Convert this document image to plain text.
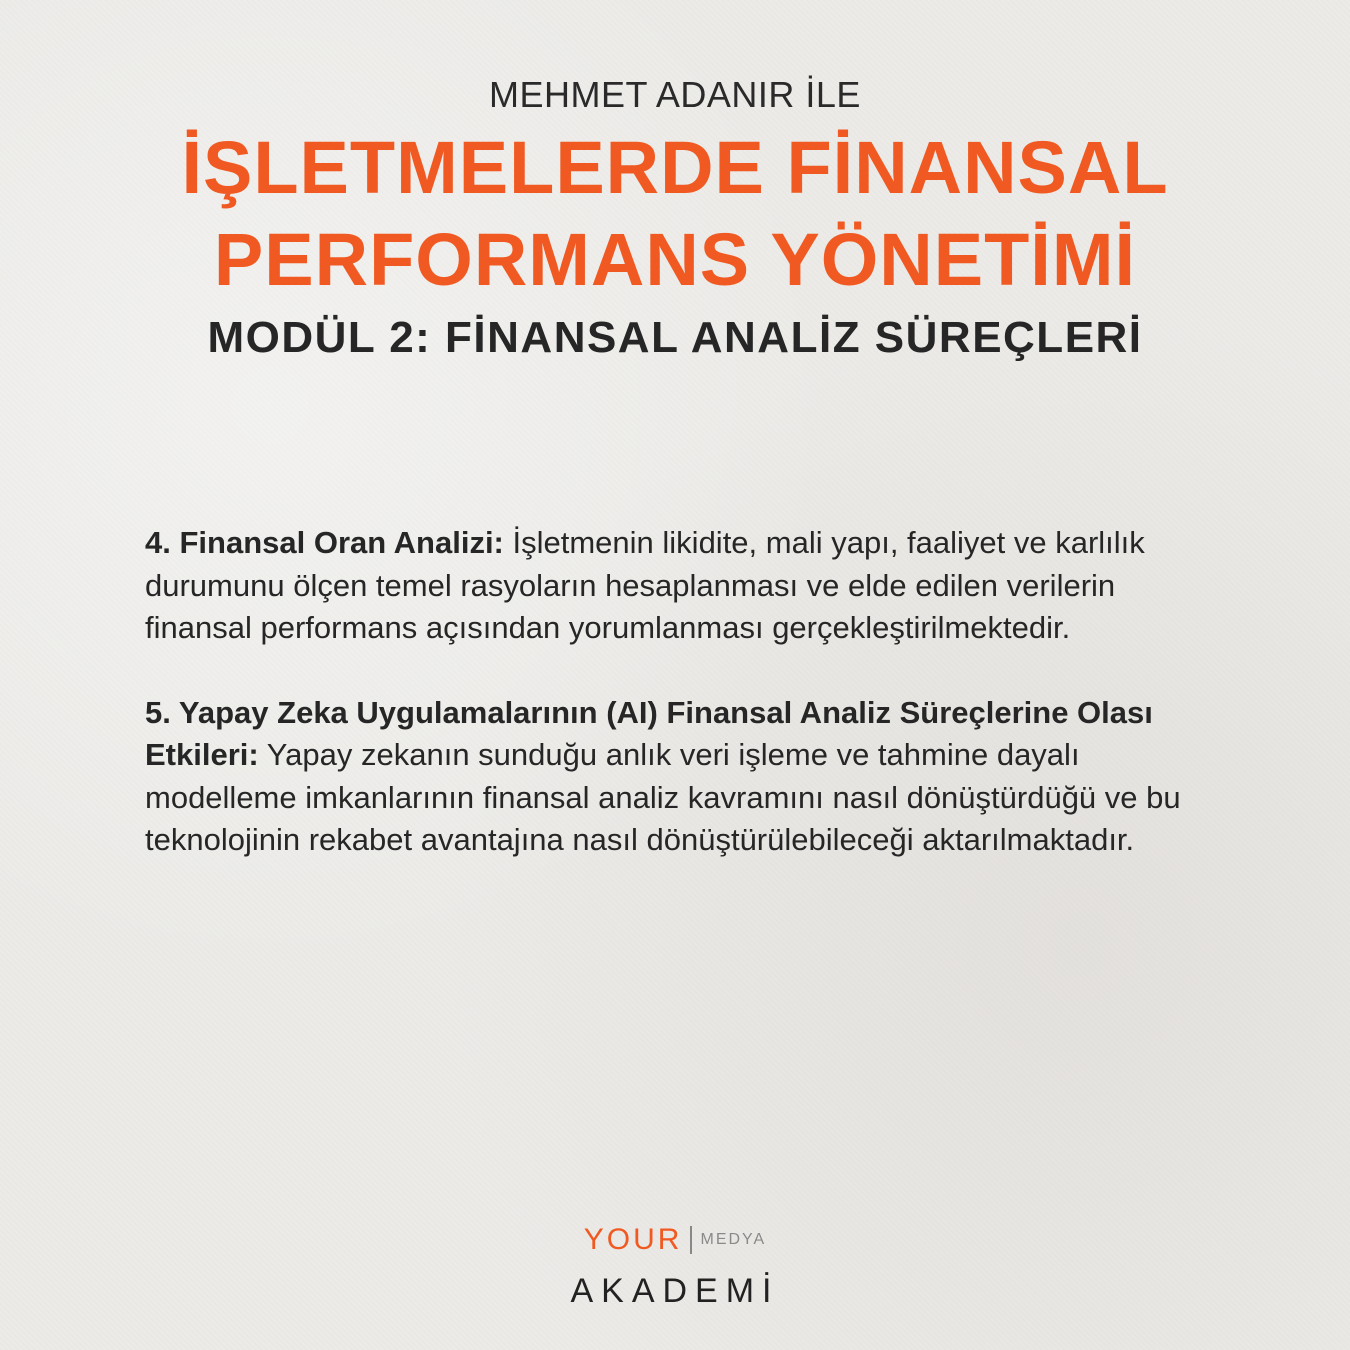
MEHMET ADANIR İLE

İŞLETMELERDE FİNANSAL
PERFORMANS YÖNETİMİ
MODÜL 2: FİNANSAL ANALİZ SÜREÇLERİ

4. Finansal Oran Analizi: İşletmenin likidite, mali yapı, faaliyet ve karlılık durumunu ölçen temel rasyoların hesaplanması ve elde edilen verilerin finansal performans açısından yorumlanması gerçekleştirilmektedir.

5. Yapay Zeka Uygulamalarının (AI) Finansal Analiz Süreçlerine Olası Etkileri: Yapay zekanın sunduğu anlık veri işleme ve tahmine dayalı modelleme imkanlarının finansal analiz kavramını nasıl dönüştürdüğü ve bu teknolojinin rekabet avantajına nasıl dönüştürülebileceği aktarılmaktadır.

YOUR MEDYA
AKADEMİ
